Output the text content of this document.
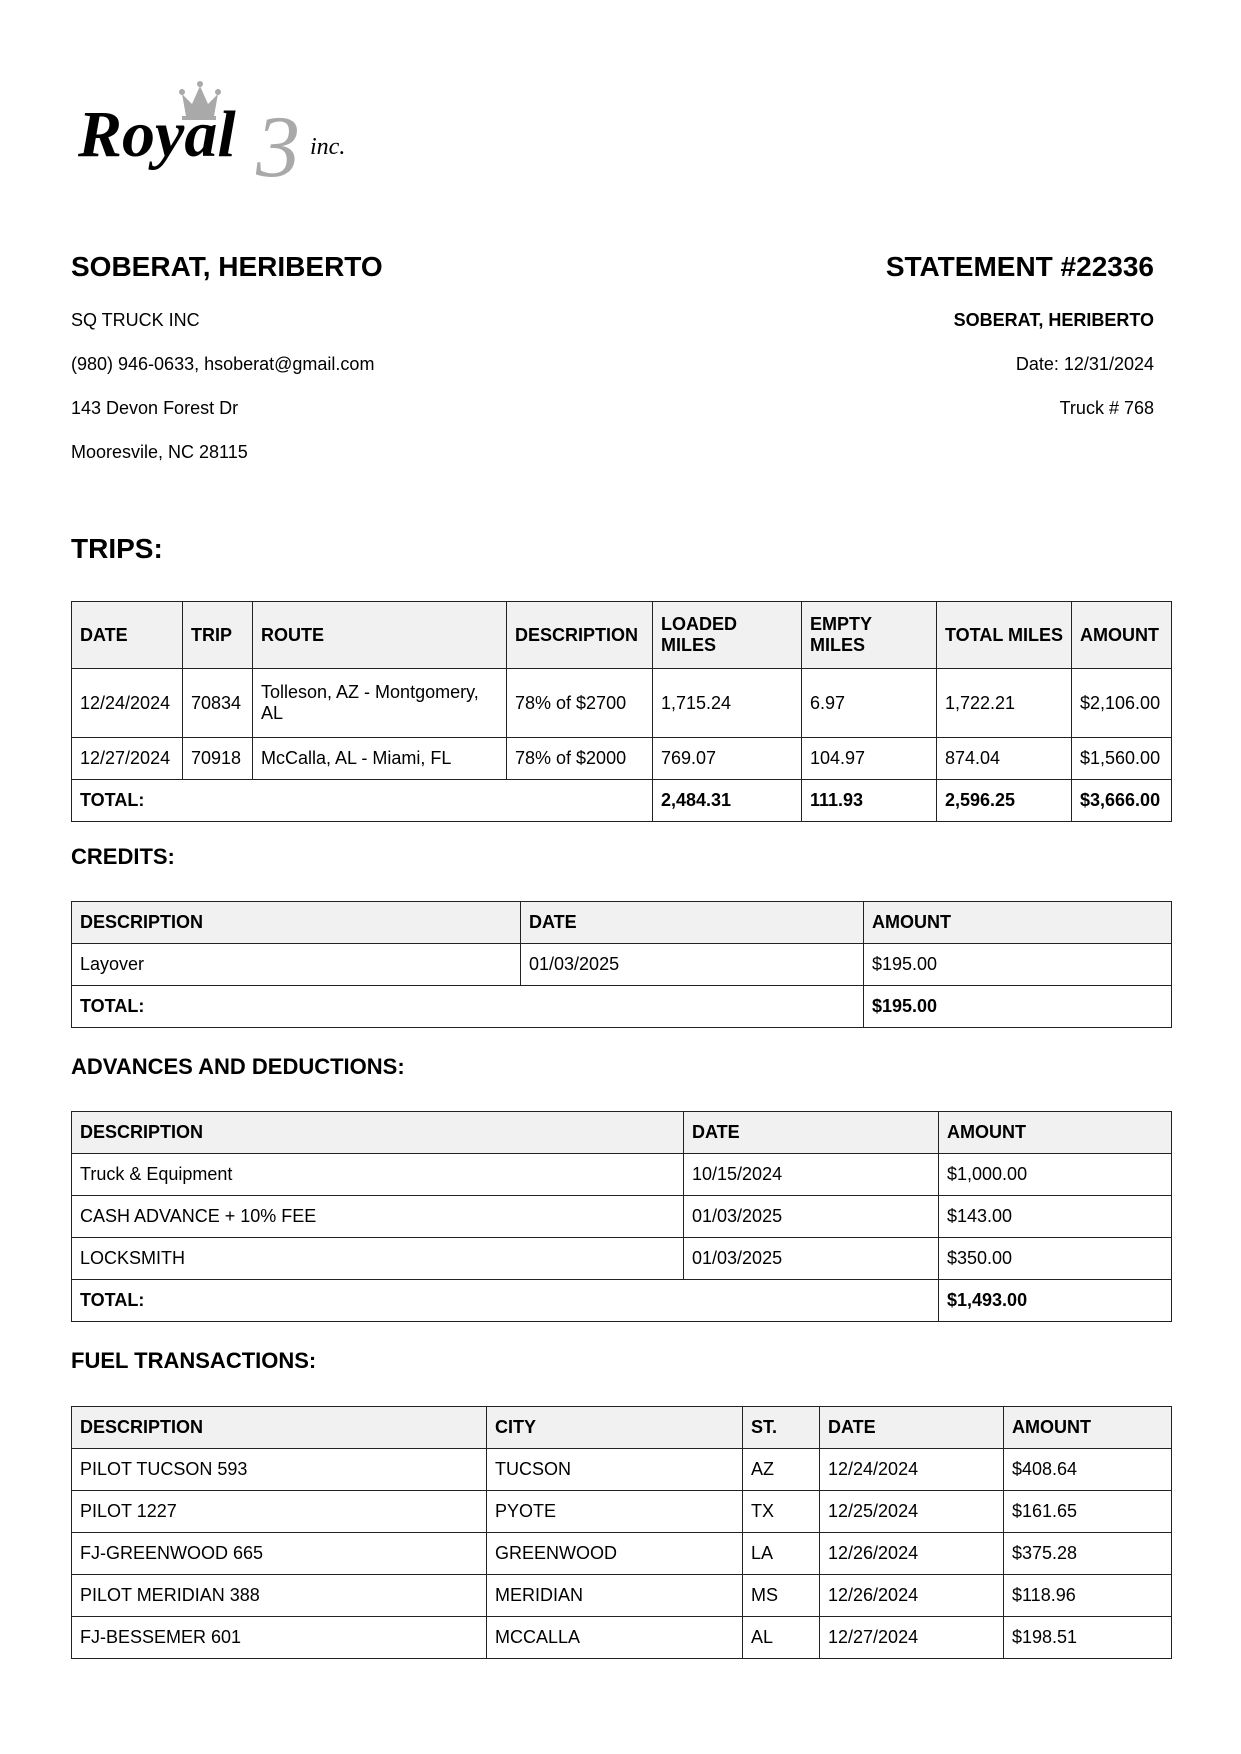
3
Royal	inc.

SOBERAT, HERIBERTO

SQ TRUCK INC
(980) 946-0633, hsoberat@gmail.com
143 Devon Forest Dr
Mooresvile, NC 28115

STATEMENT #22336

SOBERAT, HERIBERTO
Date: 12/31/2024
Truck # 768
TRIPS:
DATE	TRIP	ROUTE	DESCRIPTION	LOADED MILES	EMPTY MILES	TOTAL MILES	AMOUNT
12/24/2024	70834	Tolleson, AZ - Montgomery, AL	78% of $2700	1,715.24	6.97	1,722.21	$2,106.00
12/27/2024	70918	McCalla, AL - Miami, FL	78% of $2000	769.07	104.97	874.04	$1,560.00
TOTAL:				2,484.31	111.93	2,596.25	$3,666.00
CREDITS:
DESCRIPTION	DATE	AMOUNT
Layover	01/03/2025	$195.00
TOTAL:		$195.00
ADVANCES AND DEDUCTIONS:
DESCRIPTION	DATE	AMOUNT
Truck & Equipment	10/15/2024	$1,000.00
CASH ADVANCE + 10% FEE	01/03/2025	$143.00
LOCKSMITH	01/03/2025	$350.00
TOTAL:		$1,493.00
FUEL TRANSACTIONS:
DESCRIPTION	CITY	ST.	DATE	AMOUNT
PILOT TUCSON 593	TUCSON	AZ	12/24/2024	$408.64
PILOT 1227	PYOTE	TX	12/25/2024	$161.65
FJ-GREENWOOD 665	GREENWOOD	LA	12/26/2024	$375.28
PILOT MERIDIAN 388	MERIDIAN	MS	12/26/2024	$118.96
FJ-BESSEMER 601	MCCALLA	AL	12/27/2024	$198.51
